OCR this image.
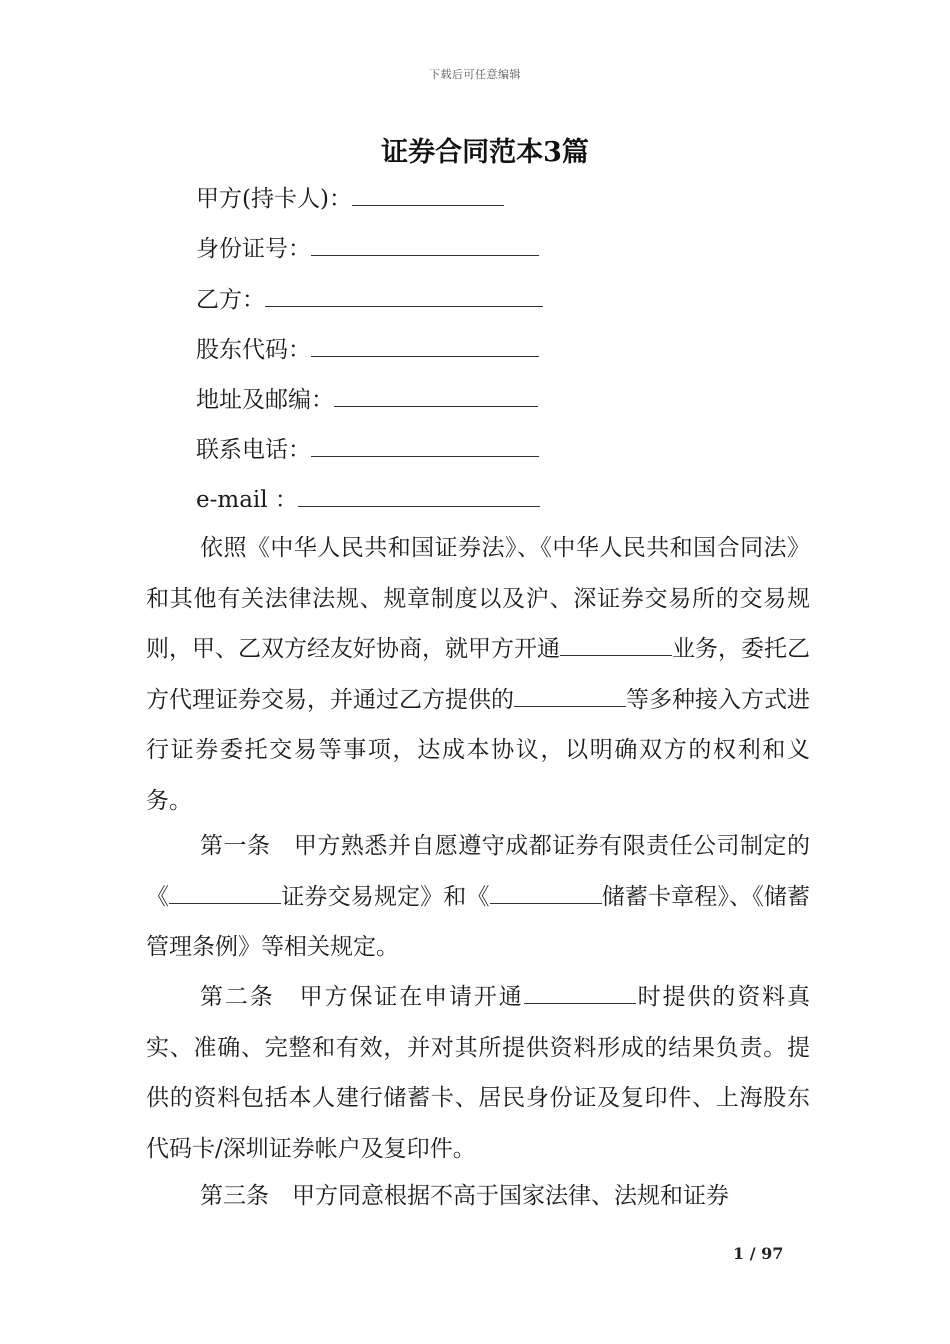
下载后可任意编辑
证券合同范本3篇
甲方(持卡人)：
身份证号：
乙方：
股东代码：
地址及邮编：
联系电话：
e-mail ：

依照《中华人民共和国证券法》、《中华人民共和国合同法》和其他有关法律法规、规章制度以及沪、深证券交易所的交易规则，甲、乙双方经友好协商，就甲方开通	业务，委托乙方代理证券交易，并通过乙方提供的	等多种接入方式进行证券委托交易等事项，达成本协议，以明确双方的权利和义务。

第一条　甲方熟悉并自愿遵守成都证券有限责任公司制定的《	证券交易规定》和《	储蓄卡章程》、《储蓄管理条例》等相关规定。

第二条　甲方保证在申请开通	时提供的资料真实、准确、完整和有效，并对其所提供资料形成的结果负责。提供的资料包括本人建行储蓄卡、居民身份证及复印件、上海股东代码卡/深圳证券帐户及复印件。

第三条　甲方同意根据不高于国家法律、法规和证券

1 / 97
